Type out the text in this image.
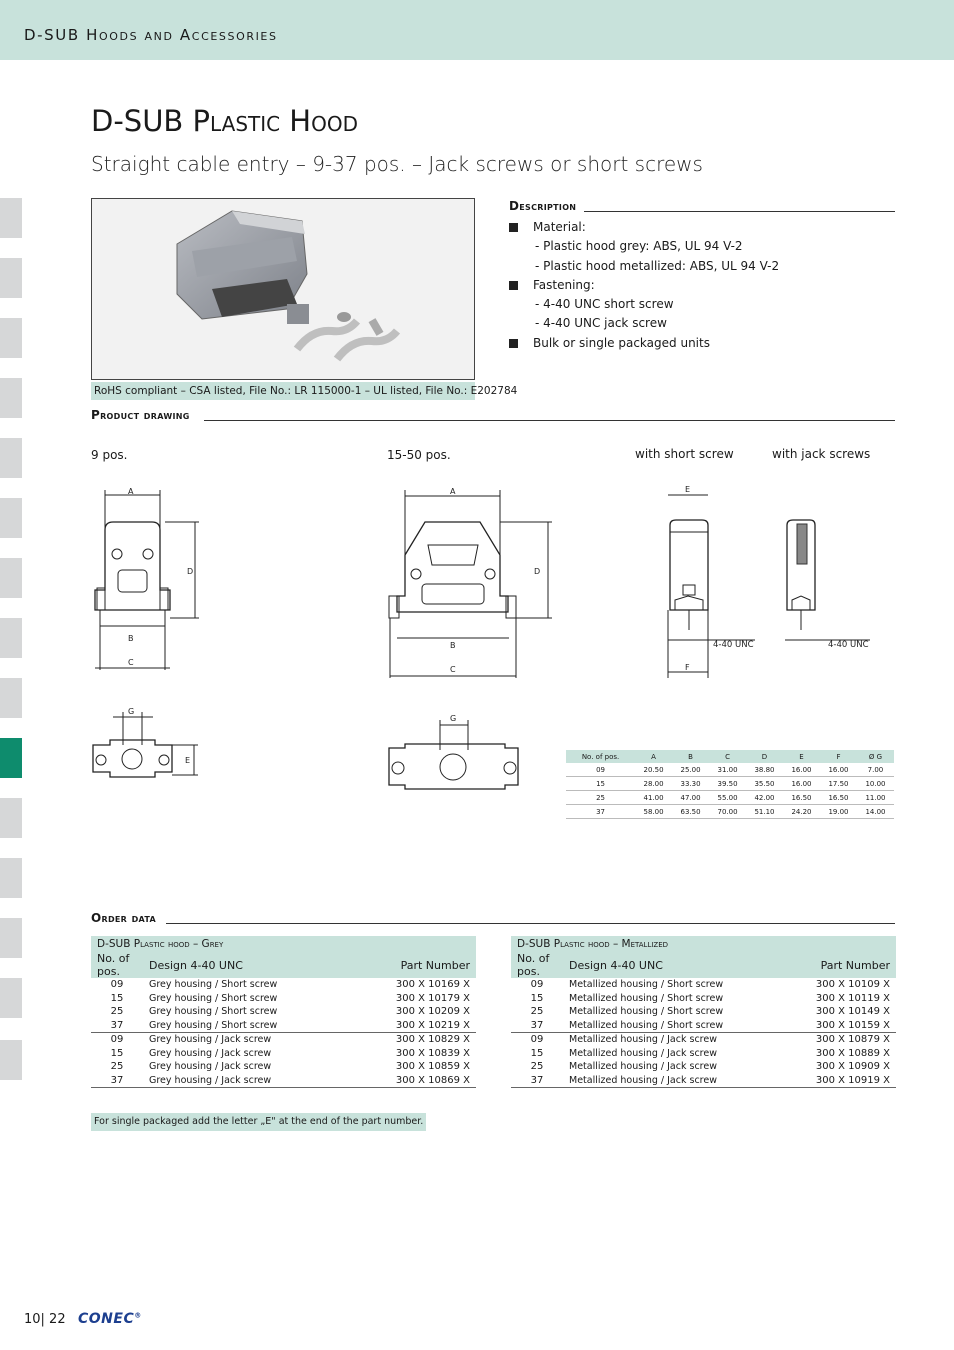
D-SUB Hoods and Accessories
D-SUB Plastic Hood
Straight cable entry – 9-37 pos. – Jack screws or short screws
RoHS compliant – CSA listed, File No.: LR 115000-1 – UL listed, File No.: E202784
Description
Material:
- Plastic hood grey: ABS, UL 94 V-2
- Plastic hood metallized: ABS, UL 94 V-2
Fastening:
- 4-40 UNC short screw
- 4-40 UNC jack screw
Bulk or single packaged units
Product drawing
9 pos.	15-50 pos.	with short screw	with jack screws
A
B
C
D
A
B
C
D
E
F
4-40 UNC	4-40 UNC
G
E
G
No. of pos.	A	B	C	D	E	F	Ø G
09	20.50	25.00	31.00	38.80	16.00	16.00	7.00
15	28.00	33.30	39.50	35.50	16.00	17.50	10.00
25	41.00	47.00	55.00	42.00	16.50	16.50	11.00
37	58.00	63.50	70.00	51.10	24.20	19.00	14.00
Order data
D-SUB Plastic hood – Grey		
No. of pos.	Design 4-40 UNC	Part Number
09	Grey housing / Short screw	300 X 10169 X
15	Grey housing / Short screw	300 X 10179 X
25	Grey housing / Short screw	300 X 10209 X
37	Grey housing / Short screw	300 X 10219 X
09	Grey housing / Jack screw	300 X 10829 X
15	Grey housing / Jack screw	300 X 10839 X
25	Grey housing / Jack screw	300 X 10859 X
37	Grey housing / Jack screw	300 X 10869 X
D-SUB Plastic hood – Metallized		
No. of pos.	Design 4-40 UNC	Part Number
09	Metallized housing / Short screw	300 X 10109 X
15	Metallized housing / Short screw	300 X 10119 X
25	Metallized housing / Short screw	300 X 10149 X
37	Metallized housing / Short screw	300 X 10159 X
09	Metallized housing / Jack screw	300 X 10879 X
15	Metallized housing / Jack screw	300 X 10889 X
25	Metallized housing / Jack screw	300 X 10909 X
37	Metallized housing / Jack screw	300 X 10919 X
For single packaged add the letter „E" at the end of the part number.
10| 22 CONEC®
